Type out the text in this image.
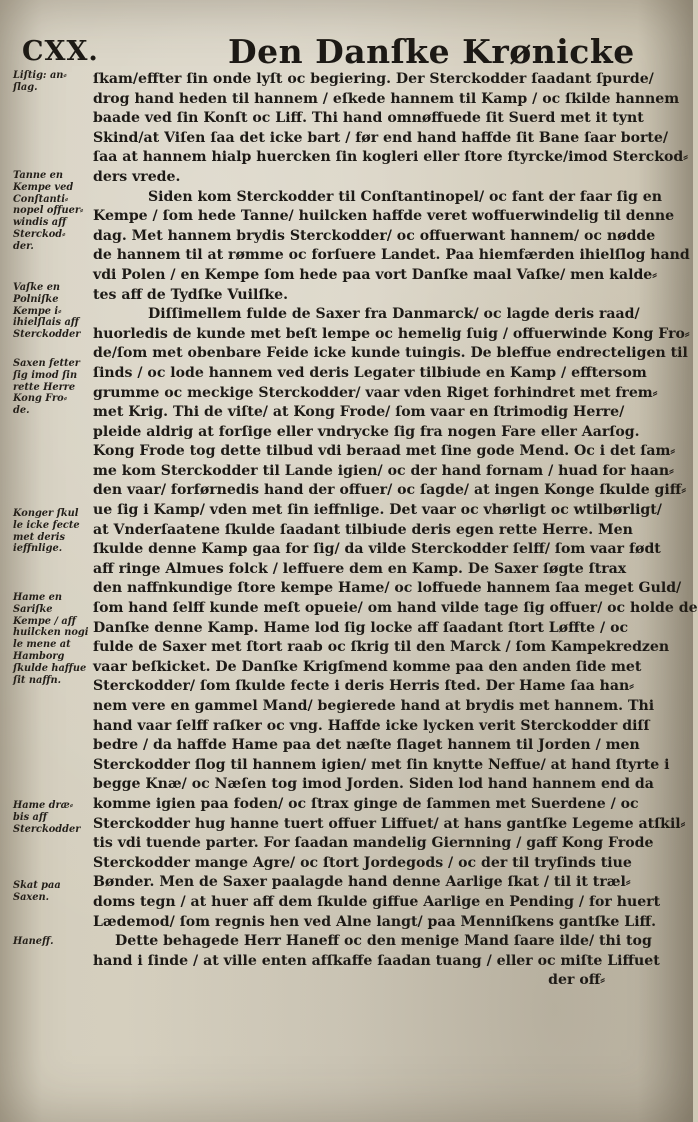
CXX.	Den Danſke Krønicke
ſkam/effter ſin onde lyſt oc begiering. Der Sterckodder ſaadant ſpurde/
drog hand heden til hannem / eſkede hannem til Kamp / oc ſkilde hannem
baade ved ſin Konſt oc Liff. Thi hand omnøffuede ſit Suerd met it tynt
Skind/at Viſen ſaa det icke bart / før end hand haffde ſit Bane ſaar borte/
ſaa at hannem hialp huercken ſin kogleri eller ſtore ſtyrcke/imod Sterckod⸗
ders vrede.
Siden kom Sterckodder til Conſtantinopel/ oc fant der faar ſig en
Kempe / ſom hede Tanne/ huilcken haffde veret woffuerwindelig til denne
dag. Met hannem brydis Sterckodder/ oc offuerwant hannem/ oc nødde
de hannem til at rømme oc forſuere Landet. Paa hiemfærden ihielſlog hand
vdi Polen / en Kempe ſom hede paa vort Danſke maal Vaſke/ men kalde⸗
tes aff de Tydſke Vuilſke.
Diſſimellem fulde de Saxer fra Danmarck/ oc lagde deris raad/
huorledis de kunde met beſt lempe oc hemelig ſuig / offuerwinde Kong Fro⸗
de/ſom met obenbare Feide icke kunde tuingis. De bleffue endrecteligen til
ſinds / oc lode hannem ved deris Legater tilbiude en Kamp / efftersom
grumme oc meckige Sterckodder/ vaar vden Riget forhindret met frem⸗
met Krig. Thi de viſte/ at Kong Frode/ ſom vaar en ſtrimodig Herre/
pleide aldrig at forſige eller vndrycke ſig fra nogen Fare eller Aarſog.
Kong Frode tog dette tilbud vdi beraad met ſine gode Mend. Oc i det ſam⸗
me kom Sterckodder til Lande igien/ oc der hand fornam / huad for haan⸗
den vaar/ forførnedis hand der offuer/ oc ſagde/ at ingen Konge ſkulde giff⸗
ue ſig i Kamp/ vden met ſin ieffnlige. Det vaar oc vhørligt oc wtilbørligt/
at Vnderſaatene ſkulde ſaadant tilbiude deris egen rette Herre. Men
ſkulde denne Kamp gaa for ſig/ da vilde Sterckodder ſelff/ ſom vaar født
aff ringe Almues folck / leffuere dem en Kamp. De Saxer ſøgte ſtrax
den naffnkundige ſtore kempe Hame/ oc loffuede hannem ſaa meget Guld/
ſom hand ſelff kunde meſt opueie/ om hand vilde tage ſig offuer/ oc holde de
Danſke denne Kamp. Hame lod ſig locke aff ſaadant ſtort Løffte / oc
fulde de Saxer met ſtort raab oc ſkrig til den Marck / ſom Kampekredzen
vaar beſkicket. De Danſke Krigſmend komme paa den anden ſide met
Sterckodder/ ſom ſkulde fecte i deris Herris ſted. Der Hame ſaa han⸗
nem vere en gammel Mand/ begierede hand at brydis met hannem. Thi
hand vaar ſelff raſker oc vng. Haffde icke lycken verit Sterckodder diſſ
bedre / da haffde Hame paa det næſte ſlaget hannem til Jorden / men
Sterckodder ſlog til hannem igien/ met ſin knytte Neffue/ at hand ſtyrte i
begge Knæ/ oc Næſen tog imod Jorden. Siden lod hand hannem end da
komme igien paa foden/ oc ſtrax ginge de ſammen met Suerdene / oc
Sterckodder hug hanne tuert offuer Liffuet/ at hans gantſke Legeme atſkil⸗
tis vdi tuende parter. For ſaadan mandelig Giernning / gaff Kong Frode
Sterckodder mange Agre/ oc ſtort Jordegods / oc der til tryſinds tiue
Bønder. Men de Saxer paalagde hand denne Aarlige ſkat / til it træl⸗
doms tegn / at huer aff dem ſkulde giffue Aarlige en Pending / for huert
Lædemod/ ſom regnis hen ved Alne langt/ paa Menniſkens gantſke Liff.
Dette behagede Herr Haneff oc den menige Mand ſaare ilde/ thi tog
hand i ſinde / at ville enten afſkaffe ſaadan tuang / eller oc miſte Liffuet
der off⸗
Liſtig: an⸗
ſlag.
Tanne en
Kempe ved
Conſtanti⸗
nopel offuer⸗
windis aff
Sterckod⸗
der.
Vaſke en
Polniſke
Kempe i⸗
ihielſlais aff
Sterckodder
Saxen fetter
ſig imod ſin
rette Herre
Kong Fro⸗
de.
Konger ſkul
le icke fecte
met deris
ieffnlige.
Hame en
Sariſke
Kempe / aff
huilcken nogi
le mene at
Hamborg
ſkulde haffue
ſit naffn.
Hame dræ⸗
bis aff
Sterckodder
Skat paa
Saxen.
Haneff.
